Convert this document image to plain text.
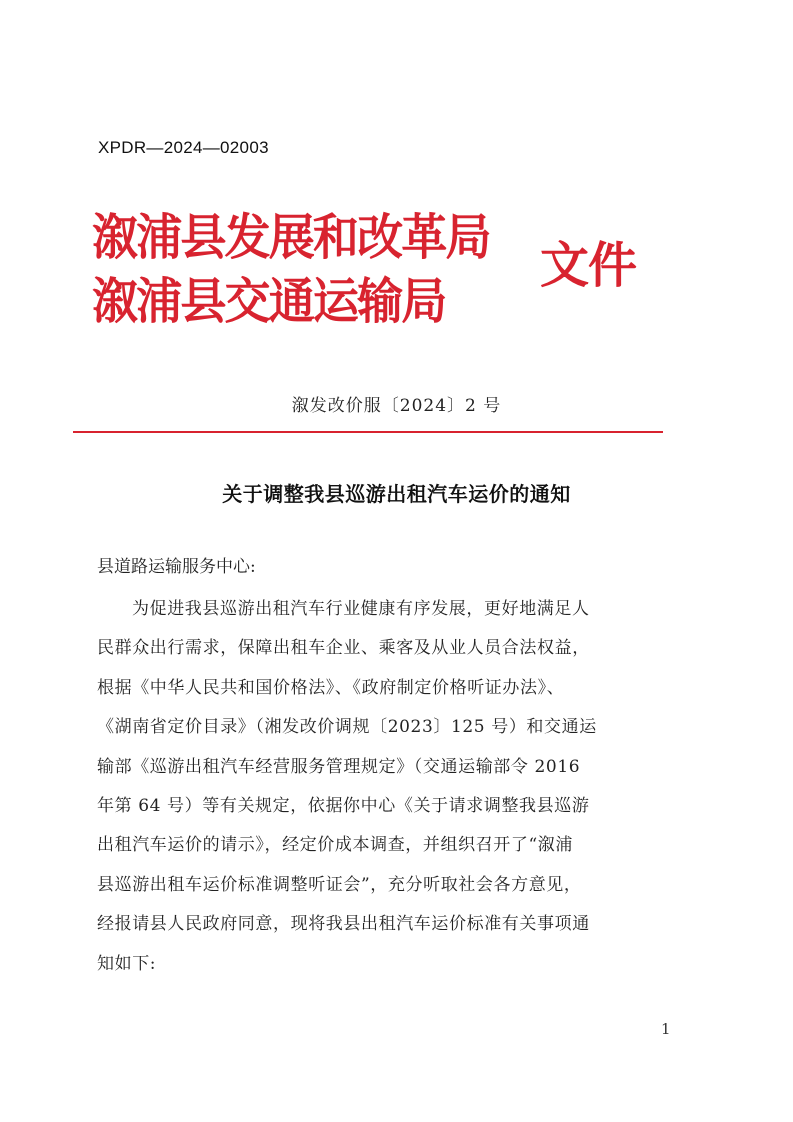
XPDR—2024—02003
溆浦县发展和改革局
溆浦县交通运输局
文件
溆发改价服〔2024〕2 号
关于调整我县巡游出租汽车运价的通知
县道路运输服务中心:
为促进我县巡游出租汽车行业健康有序发展，更好地满足人
民群众出行需求，保障出租车企业、乘客及从业人员合法权益，
根据《中华人民共和国价格法》、《政府制定价格听证办法》、
《湖南省定价目录》（湘发改价调规〔2023〕125 号）和交通运
输部《巡游出租汽车经营服务管理规定》（交通运输部令 2016
年第 64 号）等有关规定，依据你中心《关于请求调整我县巡游
出租汽车运价的请示》，经定价成本调查，并组织召开了“溆浦
县巡游出租车运价标准调整听证会”，充分听取社会各方意见，
经报请县人民政府同意，现将我县出租汽车运价标准有关事项通
知如下:
1
